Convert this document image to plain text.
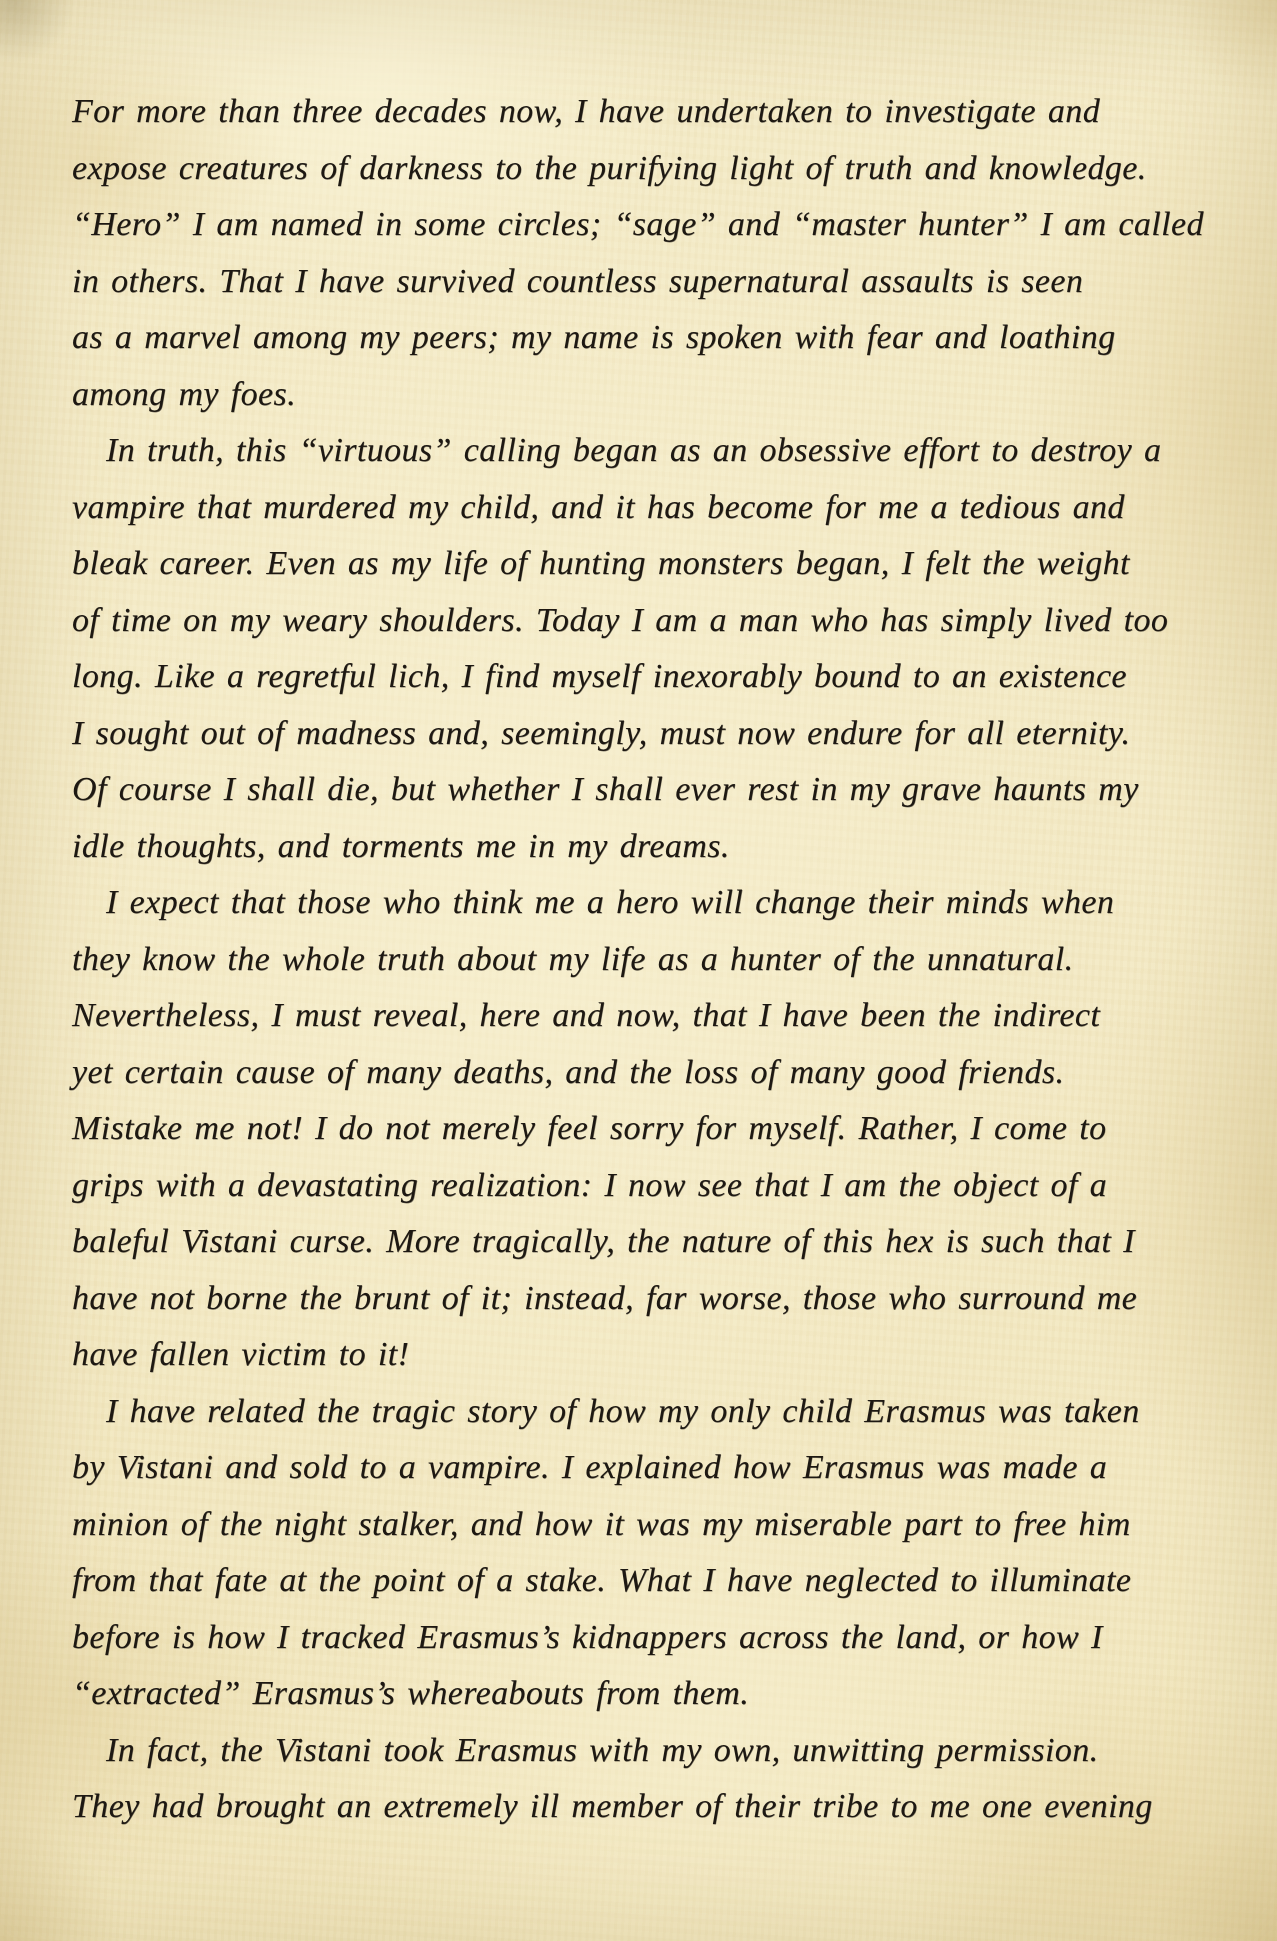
For more than three decades now, I have undertaken to investigate and
expose creatures of darkness to the purifying light of truth and knowledge.
“Hero” I am named in some circles; “sage” and “master hunter” I am called
in others. That I have survived countless supernatural assaults is seen
as a marvel among my peers; my name is spoken with fear and loathing
among my foes.
In truth, this “virtuous” calling began as an obsessive effort to destroy a
vampire that murdered my child, and it has become for me a tedious and
bleak career. Even as my life of hunting monsters began, I felt the weight
of time on my weary shoulders. Today I am a man who has simply lived too
long. Like a regretful lich, I find myself inexorably bound to an existence
I sought out of madness and, seemingly, must now endure for all eternity.
Of course I shall die, but whether I shall ever rest in my grave haunts my
idle thoughts, and torments me in my dreams.
I expect that those who think me a hero will change their minds when
they know the whole truth about my life as a hunter of the unnatural.
Nevertheless, I must reveal, here and now, that I have been the indirect
yet certain cause of many deaths, and the loss of many good friends.
Mistake me not! I do not merely feel sorry for myself. Rather, I come to
grips with a devastating realization: I now see that I am the object of a
baleful Vistani curse. More tragically, the nature of this hex is such that I
have not borne the brunt of it; instead, far worse, those who surround me
have fallen victim to it!
I have related the tragic story of how my only child Erasmus was taken
by Vistani and sold to a vampire. I explained how Erasmus was made a
minion of the night stalker, and how it was my miserable part to free him
from that fate at the point of a stake. What I have neglected to illuminate
before is how I tracked Erasmus’s kidnappers across the land, or how I
“extracted” Erasmus’s whereabouts from them.
In fact, the Vistani took Erasmus with my own, unwitting permission.
They had brought an extremely ill member of their tribe to me one evening
